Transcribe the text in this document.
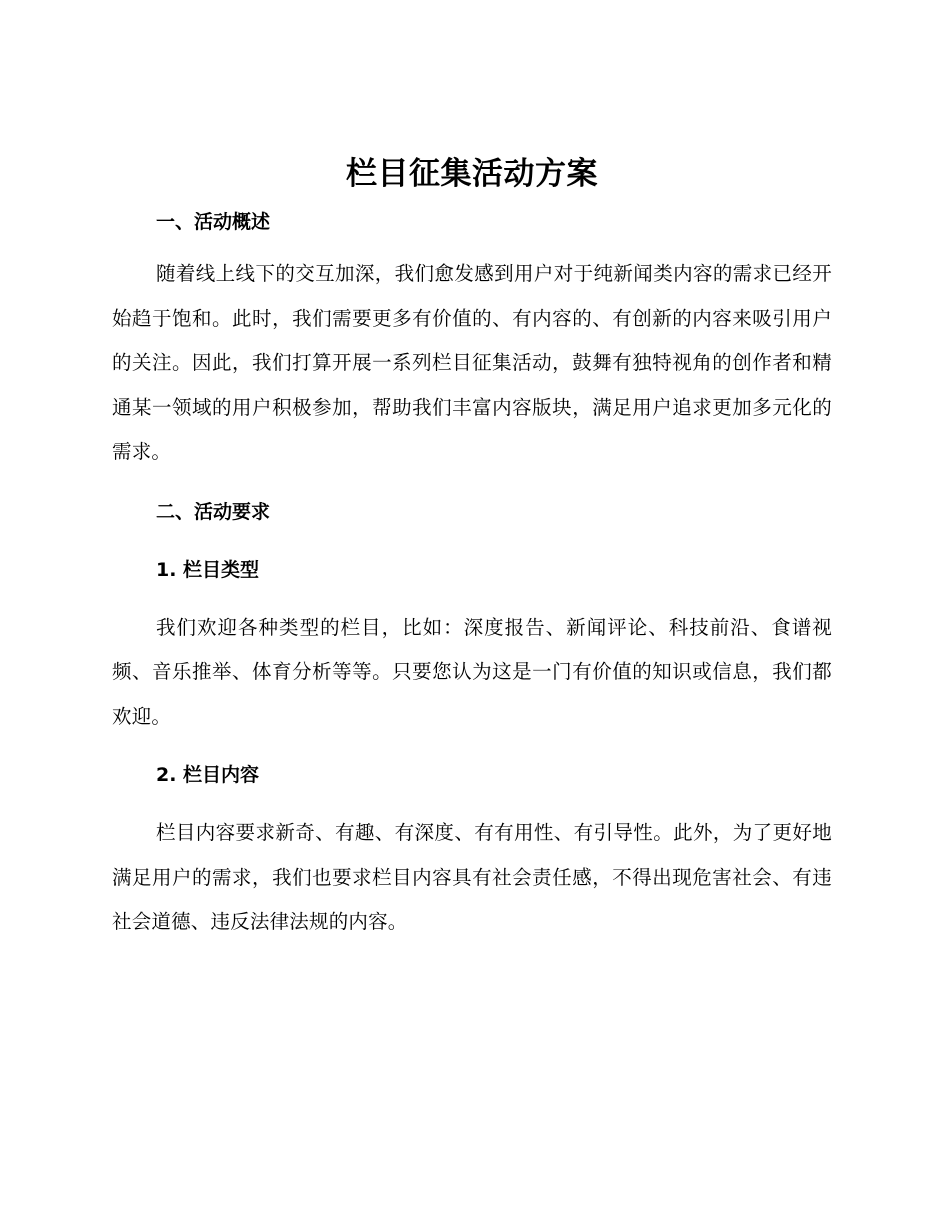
栏目征集活动方案
一、活动概述

随着线上线下的交互加深，我们愈发感到用户对于纯新闻类内容的需求已经开始趋于饱和。此时，我们需要更多有价值的、有内容的、有创新的内容来吸引用户的关注。因此，我们打算开展一系列栏目征集活动，鼓舞有独特视角的创作者和精通某一领域的用户积极参加，帮助我们丰富内容版块，满足用户追求更加多元化的需求。

二、活动要求
1. 栏目类型

我们欢迎各种类型的栏目，比如：深度报告、新闻评论、科技前沿、食谱视频、音乐推举、体育分析等等。只要您认为这是一门有价值的知识或信息，我们都欢迎。

2. 栏目内容

栏目内容要求新奇、有趣、有深度、有有用性、有引导性。此外，为了更好地满足用户的需求，我们也要求栏目内容具有社会责任感，不得出现危害社会、有违社会道德、违反法律法规的内容。
